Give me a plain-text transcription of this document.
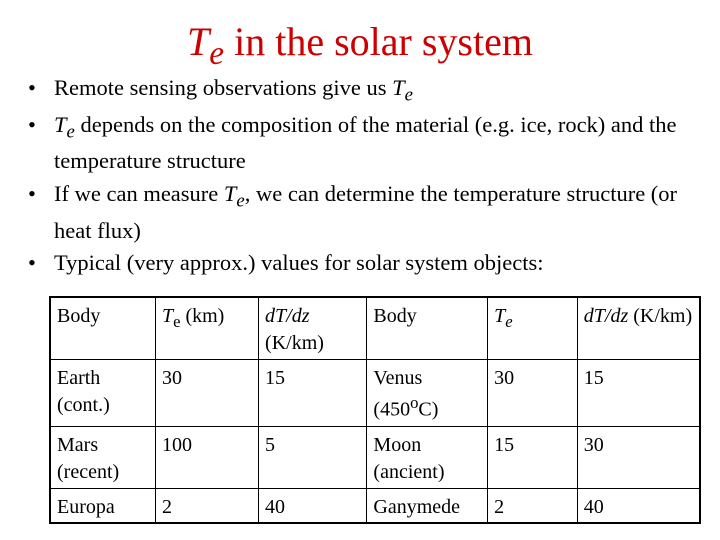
$T_e$ in the solar system
• Remote sensing observations give us $T_e$
• $T_e$ depends on the composition of the material (e.g. ice, rock) and the temperature structure
• If we can measure $T_e$, we can determine the temperature structure (or heat flux)
• Typical (very approx.) values for solar system objects:
Body	$T_e$ (km)	dT/dz (K/km)	Body	$T_e$	dT/dz (K/km)
Earth (cont.)	30	15	Venus (450$^o$C)	30	15
Mars (recent)	100	5	Moon (ancient)	15	30
Europa	2	40	Ganymede	2	40
